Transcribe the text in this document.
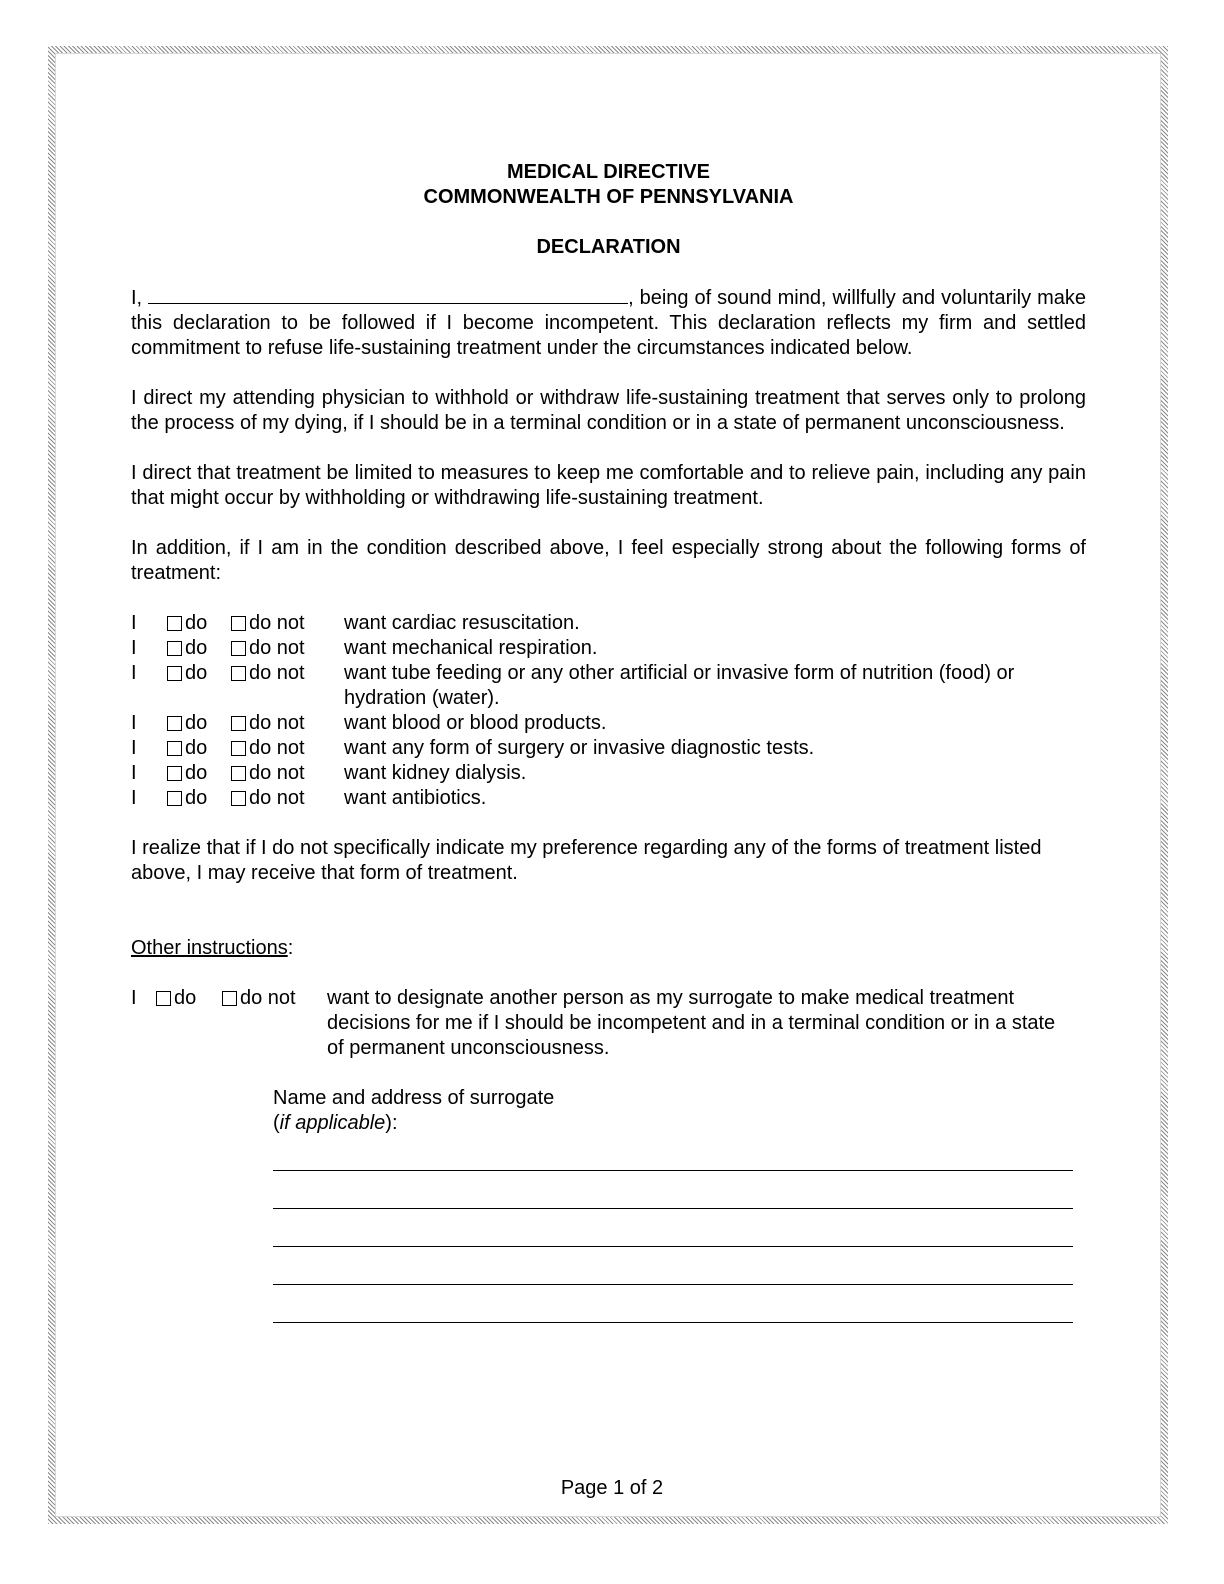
MEDICAL DIRECTIVE
COMMONWEALTH OF PENNSYLVANIA
DECLARATION

I,	, being of sound mind, willfully and voluntarily make this declaration to be followed if I become incompetent. This declaration reflects my firm and settled commitment to refuse life-sustaining treatment under the circumstances indicated below.

I direct my attending physician to withhold or withdraw life-sustaining treatment that serves only to prolong the process of my dying, if I should be in a terminal condition or in a state of permanent unconsciousness.

I direct that treatment be limited to measures to keep me comfortable and to relieve pain, including any pain that might occur by withholding or withdrawing life-sustaining treatment.

In addition, if I am in the condition described above, I feel especially strong about the following forms of treatment:

I	do do not want cardiac resuscitation.
I	do do not want mechanical respiration.
I	do do not want tube feeding or any other artificial or invasive form of nutrition (food) or hydration (water).
I	do do not want blood or blood products.
I	do do not want any form of surgery or invasive diagnostic tests.
I	do do not want kidney dialysis.
I	do do not want antibiotics.

I realize that if I do not specifically indicate my preference regarding any of the forms of treatment listed above, I may receive that form of treatment.

Other instructions:
I	do do not want to designate another person as my surrogate to make medical treatment decisions for me if I should be incompetent and in a terminal condition or in a state of permanent unconsciousness.
Name and address of surrogate
(if applicable):
Page 1 of 2
